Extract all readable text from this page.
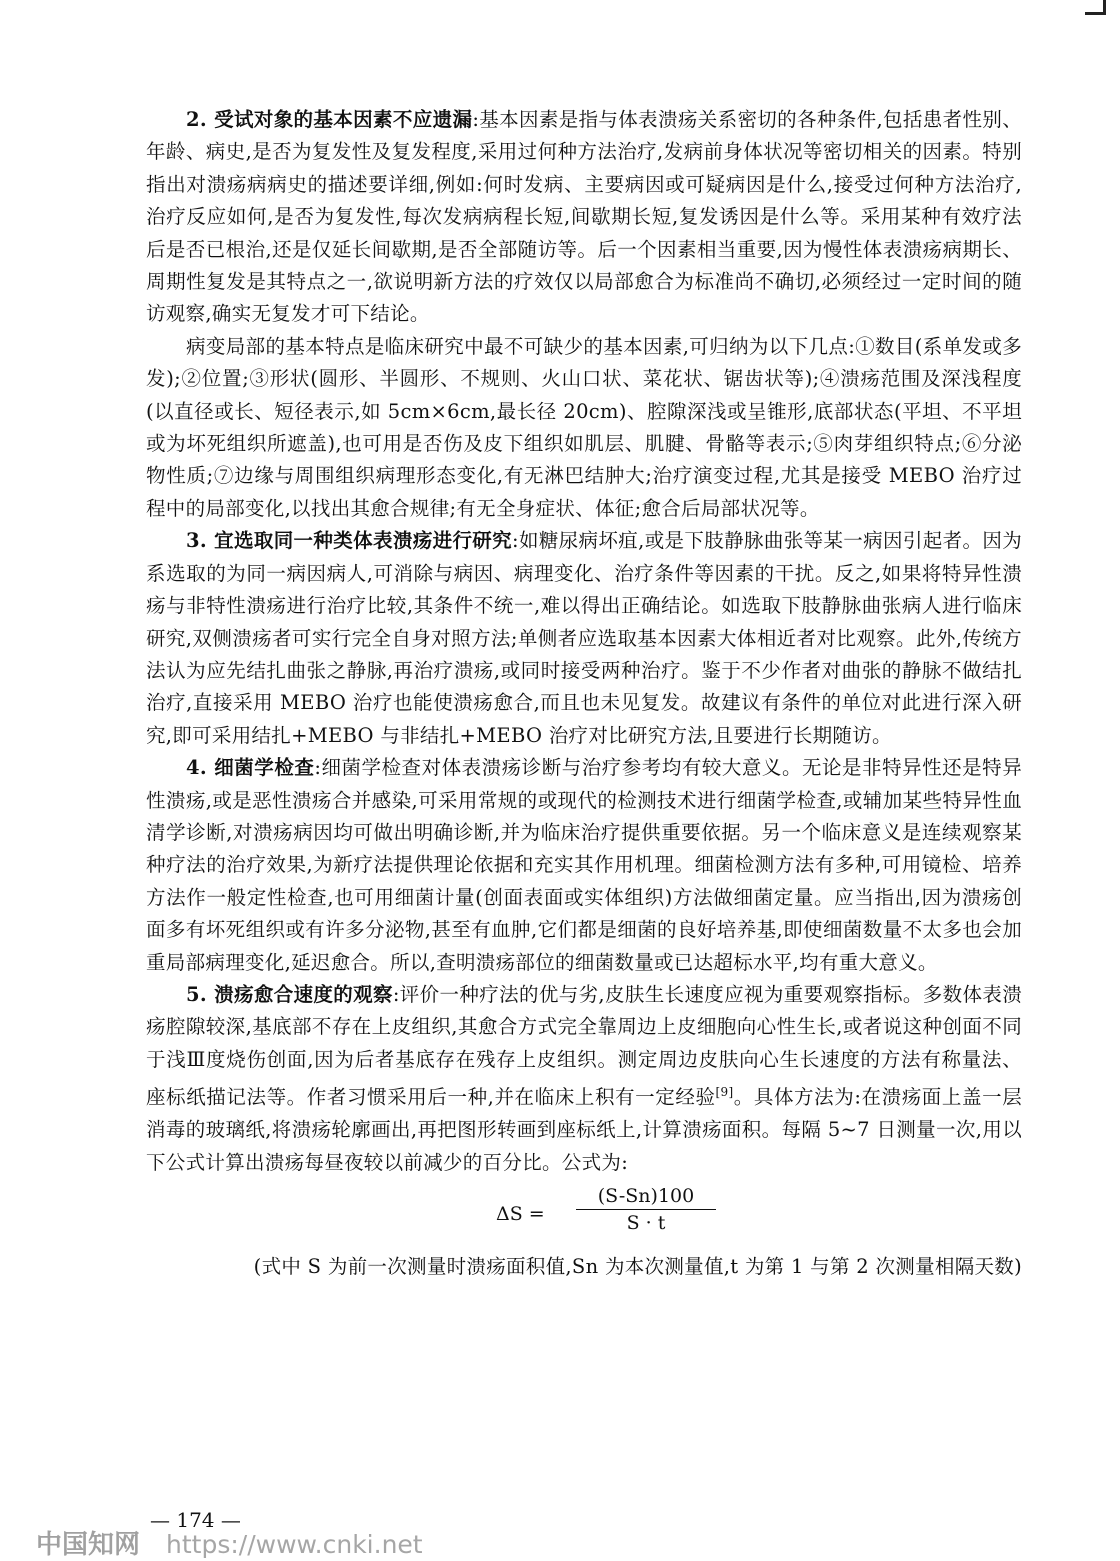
2. 受试对象的基本因素不应遗漏:基本因素是指与体表溃疡关系密切的各种条件,包括患者性别、年龄、病史,是否为复发性及复发程度,采用过何种方法治疗,发病前身体状况等密切相关的因素。特别指出对溃疡病病史的描述要详细,例如:何时发病、主要病因或可疑病因是什么,接受过何种方法治疗,治疗反应如何,是否为复发性,每次发病病程长短,间歇期长短,复发诱因是什么等。采用某种有效疗法后是否已根治,还是仅延长间歇期,是否全部随访等。后一个因素相当重要,因为慢性体表溃疡病期长、周期性复发是其特点之一,欲说明新方法的疗效仅以局部愈合为标准尚不确切,必须经过一定时间的随访观察,确实无复发才可下结论。

病变局部的基本特点是临床研究中最不可缺少的基本因素,可归纳为以下几点:①数目(系单发或多发);②位置;③形状(圆形、半圆形、不规则、火山口状、菜花状、锯齿状等);④溃疡范围及深浅程度(以直径或长、短径表示,如 5cm×6cm,最长径 20cm)、腔隙深浅或呈锥形,底部状态(平坦、不平坦或为坏死组织所遮盖),也可用是否伤及皮下组织如肌层、肌腱、骨骼等表示;⑤肉芽组织特点;⑥分泌物性质;⑦边缘与周围组织病理形态变化,有无淋巴结肿大;治疗演变过程,尤其是接受 MEBO 治疗过程中的局部变化,以找出其愈合规律;有无全身症状、体征;愈合后局部状况等。

3. 宜选取同一种类体表溃疡进行研究:如糖尿病坏疽,或是下肢静脉曲张等某一病因引起者。因为系选取的为同一病因病人,可消除与病因、病理变化、治疗条件等因素的干扰。反之,如果将特异性溃疡与非特性溃疡进行治疗比较,其条件不统一,难以得出正确结论。如选取下肢静脉曲张病人进行临床研究,双侧溃疡者可实行完全自身对照方法;单侧者应选取基本因素大体相近者对比观察。此外,传统方法认为应先结扎曲张之静脉,再治疗溃疡,或同时接受两种治疗。鉴于不少作者对曲张的静脉不做结扎治疗,直接采用 MEBO 治疗也能使溃疡愈合,而且也未见复发。故建议有条件的单位对此进行深入研究,即可采用结扎+MEBO 与非结扎+MEBO 治疗对比研究方法,且要进行长期随访。

4. 细菌学检查:细菌学检查对体表溃疡诊断与治疗参考均有较大意义。无论是非特异性还是特异性溃疡,或是恶性溃疡合并感染,可采用常规的或现代的检测技术进行细菌学检查,或辅加某些特异性血清学诊断,对溃疡病因均可做出明确诊断,并为临床治疗提供重要依据。另一个临床意义是连续观察某种疗法的治疗效果,为新疗法提供理论依据和充实其作用机理。细菌检测方法有多种,可用镜检、培养方法作一般定性检查,也可用细菌计量(创面表面或实体组织)方法做细菌定量。应当指出,因为溃疡创面多有坏死组织或有许多分泌物,甚至有血肿,它们都是细菌的良好培养基,即使细菌数量不太多也会加重局部病理变化,延迟愈合。所以,查明溃疡部位的细菌数量或已达超标水平,均有重大意义。

5. 溃疡愈合速度的观察:评价一种疗法的优与劣,皮肤生长速度应视为重要观察指标。多数体表溃疡腔隙较深,基底部不存在上皮组织,其愈合方式完全靠周边上皮细胞向心性生长,或者说这种创面不同于浅Ⅲ度烧伤创面,因为后者基底存在残存上皮组织。测定周边皮肤向心生长速度的方法有称量法、座标纸描记法等。作者习惯采用后一种,并在临床上积有一定经验[9]。具体方法为:在溃疡面上盖一层消毒的玻璃纸,将溃疡轮廓画出,再把图形转画到座标纸上,计算溃疡面积。每隔 5~7 日测量一次,用以下公式计算出溃疡每昼夜较以前减少的百分比。公式为:

$\Delta S = \frac{(S-Sn)100}{S \cdot t}$

(式中 S 为前一次测量时溃疡面积值,Sn 为本次测量值,t 为第 1 与第 2 次测量相隔天数)

— 174 —
中国知网 https://www.cnki.net
